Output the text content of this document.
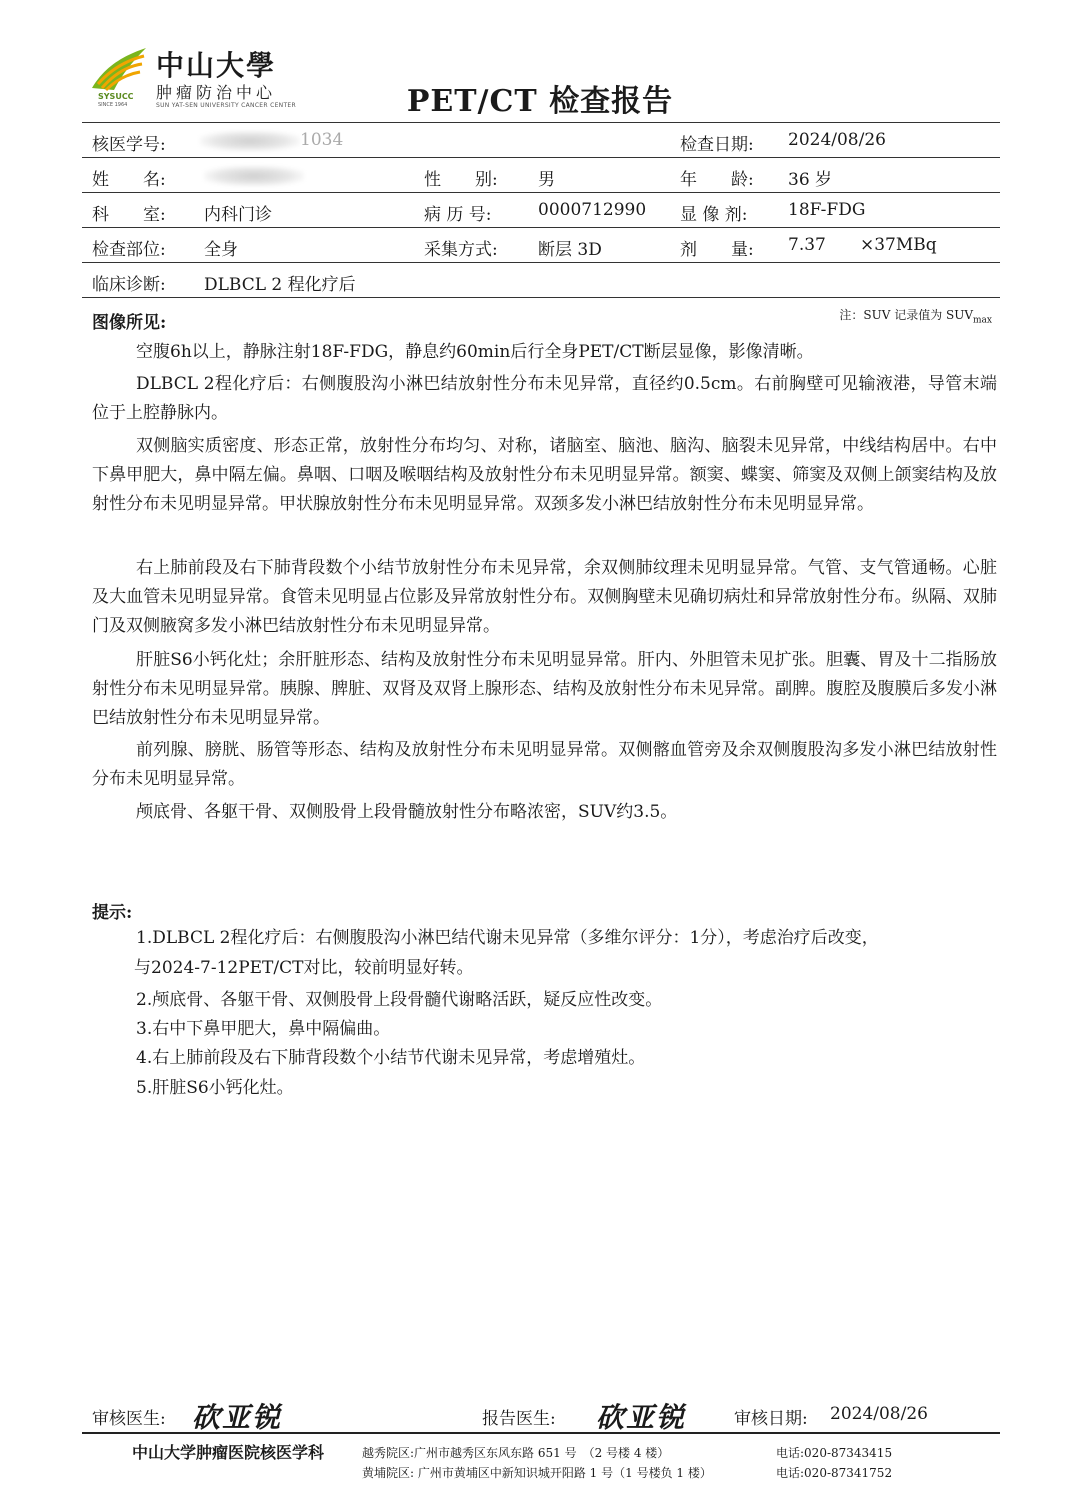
SYSUCC
SINCE 1964
中山大學
肿瘤防治中心
SUN YAT-SEN UNIVERSITY CANCER CENTER	PET/CT 检查报告
核医学号:	1034	检查日期: 2024/08/26
姓　　名:	性　　别: 男	年　　龄: 36 岁
科　　室: 内科门诊	病 历 号:	0000712990 显 像 剂: 18F-FDG
检查部位: 全身	采集方式: 断层 3D	剂　　量: 7.37 ×37MBq
临床诊断: DLBCL 2 程化疗后
图像所见:	注：SUV 记录值为 $SUV_{max}$
空腹6h以上，静脉注射18F-FDG，静息约60min后行全身PET/CT断层显像，影像清晰。
DLBCL 2程化疗后：右侧腹股沟小淋巴结放射性分布未见异常，直径约0.5cm。右前胸壁可见输液港，导管末端位于上腔静脉内。
双侧脑实质密度、形态正常，放射性分布均匀、对称，诸脑室、脑池、脑沟、脑裂未见异常，中线结构居中。右中下鼻甲肥大，鼻中隔左偏。鼻咽、口咽及喉咽结构及放射性分布未见明显异常。额窦、蝶窦、筛窦及双侧上颌窦结构及放射性分布未见明显异常。甲状腺放射性分布未见明显异常。双颈多发小淋巴结放射性分布未见明显异常。
右上肺前段及右下肺背段数个小结节放射性分布未见异常，余双侧肺纹理未见明显异常。气管、支气管通畅。心脏及大血管未见明显异常。食管未见明显占位影及异常放射性分布。双侧胸壁未见确切病灶和异常放射性分布。纵隔、双肺门及双侧腋窝多发小淋巴结放射性分布未见明显异常。
肝脏S6小钙化灶；余肝脏形态、结构及放射性分布未见明显异常。肝内、外胆管未见扩张。胆囊、胃及十二指肠放射性分布未见明显异常。胰腺、脾脏、双肾及双肾上腺形态、结构及放射性分布未见异常。副脾。腹腔及腹膜后多发小淋巴结放射性分布未见明显异常。
前列腺、膀胱、肠管等形态、结构及放射性分布未见明显异常。双侧髂血管旁及余双侧腹股沟多发小淋巴结放射性分布未见明显异常。
颅底骨、各躯干骨、双侧股骨上段骨髓放射性分布略浓密，SUV约3.5。
提示:
1.DLBCL 2程化疗后：右侧腹股沟小淋巴结代谢未见异常（多维尔评分：1分），考虑治疗后改变，
与2024-7-12PET/CT对比，较前明显好转。
2.颅底骨、各躯干骨、双侧股骨上段骨髓代谢略活跃，疑反应性改变。
3.右中下鼻甲肥大，鼻中隔偏曲。
4.右上肺前段及右下肺背段数个小结节代谢未见异常，考虑增殖灶。
5.肝脏S6小钙化灶。
审核医生: 砍亚锐	报告医生: 砍亚锐	审核日期: 2024/08/26
中山大学肿瘤医院核医学科	越秀院区:广州市越秀区东风东路 651 号　（2 号楼 4 楼）	电话:020-87343415
黄埔院区: 广州市黄埔区中新知识城开阳路 1 号（1 号楼负 1 楼）	电话:020-87341752
